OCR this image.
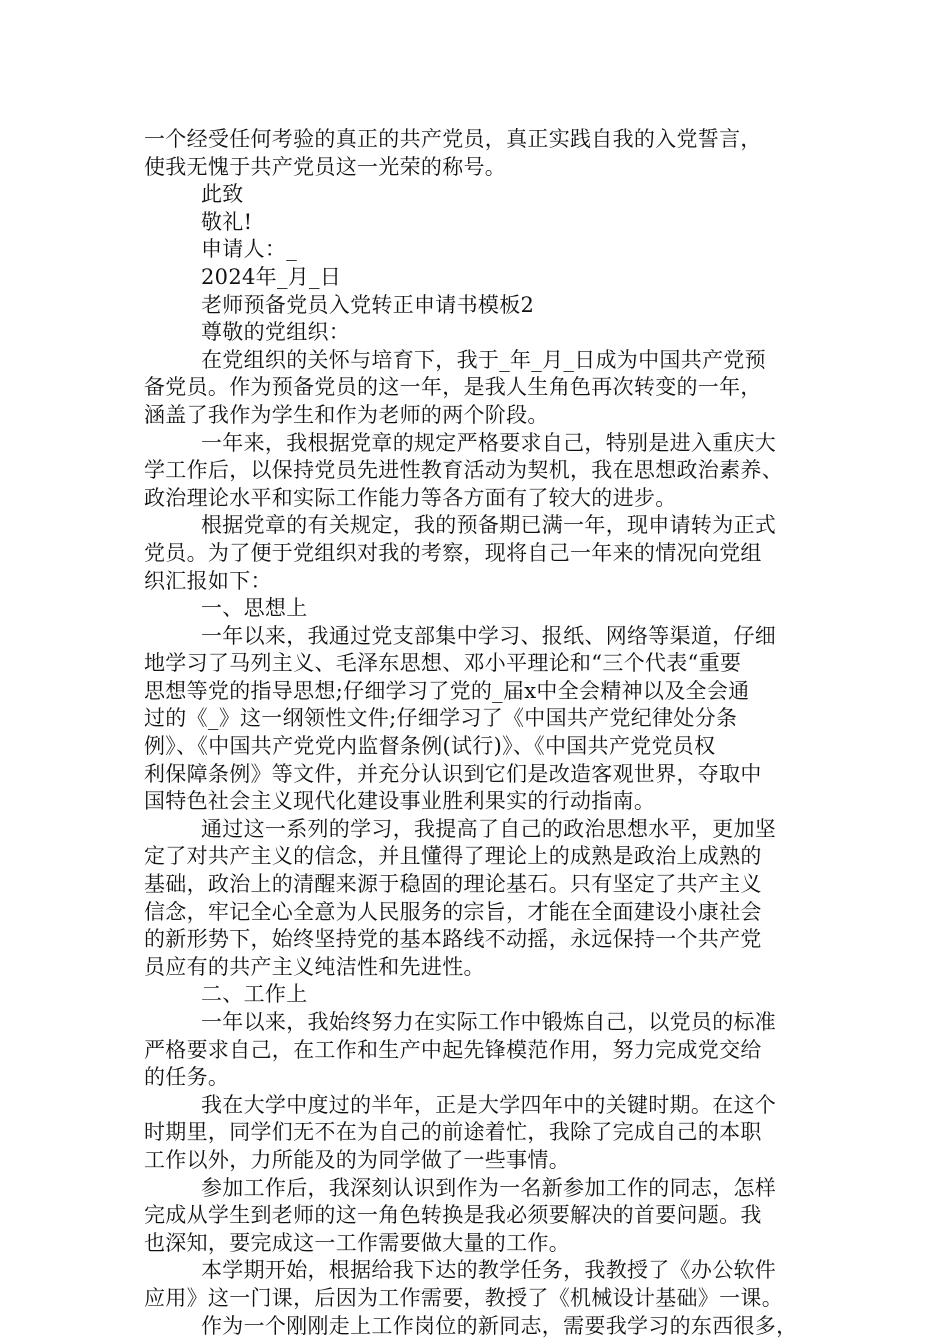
一个经受任何考验的真正的共产党员，真正实践自我的入党誓言，
使我无愧于共产党员这一光荣的称号。
此致
敬礼!
申请人：_
2024年_月_日
老师预备党员入党转正申请书模板2
尊敬的党组织：
在党组织的关怀与培育下，我于_年_月_日成为中国共产党预
备党员。作为预备党员的这一年，是我人生角色再次转变的一年，
涵盖了我作为学生和作为老师的两个阶段。
一年来，我根据党章的规定严格要求自己，特别是进入重庆大
学工作后，以保持党员先进性教育活动为契机，我在思想政治素养、
政治理论水平和实际工作能力等各方面有了较大的进步。
根据党章的有关规定，我的预备期已满一年，现申请转为正式
党员。为了便于党组织对我的考察，现将自己一年来的情况向党组
织汇报如下：
一、思想上
一年以来，我通过党支部集中学习、报纸、网络等渠道，仔细
地学习了马列主义、毛泽东思想、邓小平理论和“三个代表“重要
思想等党的指导思想;仔细学习了党的_届x中全会精神以及全会通
过的《_》这一纲领性文件;仔细学习了《中国共产党纪律处分条
例》、《中国共产党党内监督条例(试行)》、《中国共产党党员权
利保障条例》等文件，并充分认识到它们是改造客观世界，夺取中
国特色社会主义现代化建设事业胜利果实的行动指南。
通过这一系列的学习，我提高了自己的政治思想水平，更加坚
定了对共产主义的信念，并且懂得了理论上的成熟是政治上成熟的
基础，政治上的清醒来源于稳固的理论基石。只有坚定了共产主义
信念，牢记全心全意为人民服务的宗旨，才能在全面建设小康社会
的新形势下，始终坚持党的基本路线不动摇，永远保持一个共产党
员应有的共产主义纯洁性和先进性。
二、工作上
一年以来，我始终努力在实际工作中锻炼自己，以党员的标准
严格要求自己，在工作和生产中起先锋模范作用，努力完成党交给
的任务。
我在大学中度过的半年，正是大学四年中的关键时期。在这个
时期里，同学们无不在为自己的前途着忙，我除了完成自己的本职
工作以外，力所能及的为同学做了一些事情。
参加工作后，我深刻认识到作为一名新参加工作的同志，怎样
完成从学生到老师的这一角色转换是我必须要解决的首要问题。我
也深知，要完成这一工作需要做大量的工作。
本学期开始，根据给我下达的教学任务，我教授了《办公软件
应用》这一门课，后因为工作需要，教授了《机械设计基础》一课。
作为一个刚刚走上工作岗位的新同志，需要我学习的东西很多，
